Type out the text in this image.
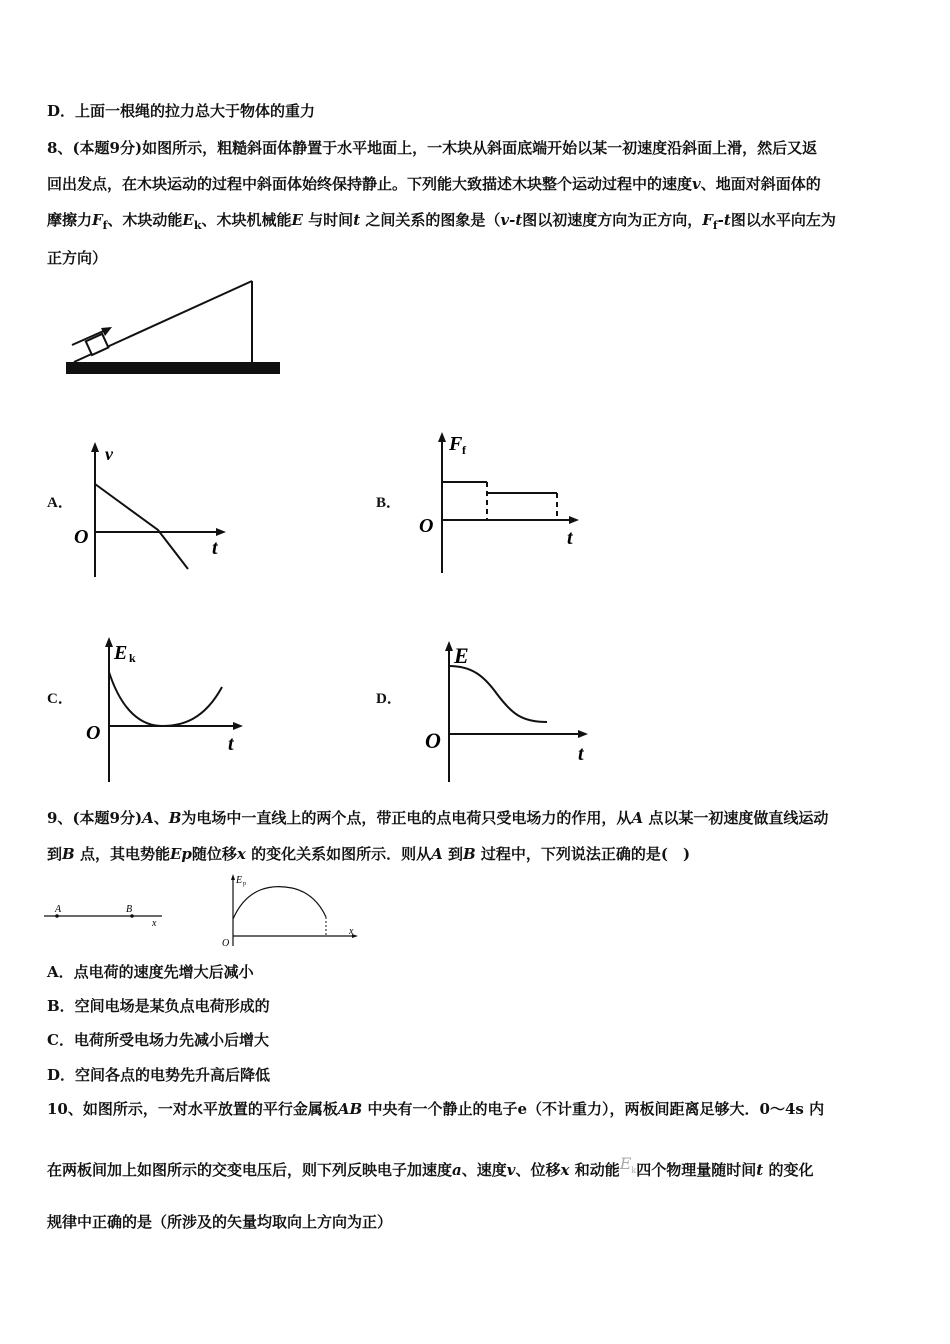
D．上面一根绳的拉力总大于物体的重力
8、(本题9分)如图所示，粗糙斜面体静置于水平地面上，一木块从斜面底端开始以某一初速度沿斜面上滑，然后又返
回出发点，在木块运动的过程中斜面体始终保持静止。下列能大致描述木块整个运动过程中的速度v、地面对斜面体的
摩擦力$F_f$、木块动能$E_k$、木块机械能E 与时间t 之间关系的图象是（v-t图以初速度方向为正方向，$F_f-t$图以水平向左为
正方向）
A．	B．
C．	D．
v
t
O
F f
t
O
E k
t
O
E
t
O
9、(本题9分)A、B为电场中一直线上的两个点，带正电的点电荷只受电场力的作用，从A 点以某一初速度做直线运动
到B 点，其电势能Ep随位移x 的变化关系如图所示．则从A 到B 过程中，下列说法正确的是(　)
A	B
x
E p
x
O
A．点电荷的速度先增大后减小
B．空间电场是某负点电荷形成的
C．电荷所受电场力先减小后增大
D．空间各点的电势先升高后降低
10、如图所示，一对水平放置的平行金属板AB 中央有一个静止的电子e（不计重力），两板间距离足够大．0～4s 内
在两板间加上如图所示的交变电压后，则下列反映电子加速度a、速度v、位移x 和动能$E_k$四个物理量随时间t 的变化
规律中正确的是（所涉及的矢量均取向上方向为正）
